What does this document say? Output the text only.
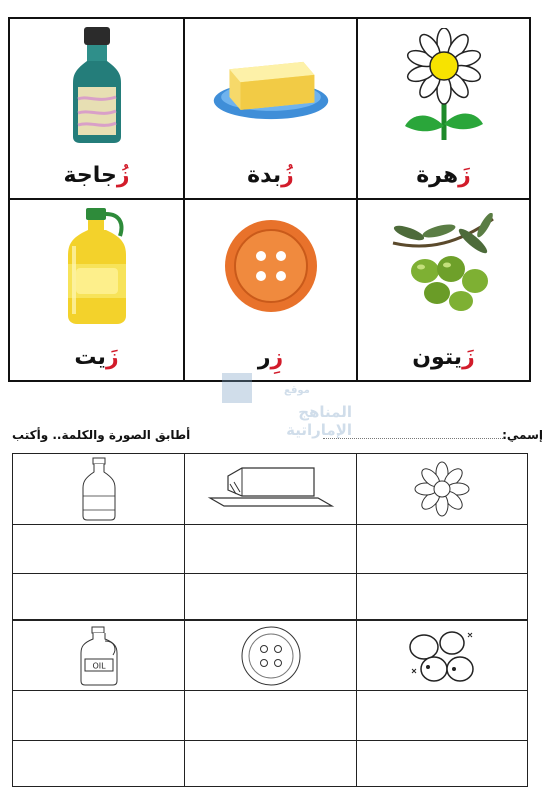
زَهرة
زُبدة
زُجاجة
زَيتون
زِر
زَيت
موقع
المناهج الإماراتية	إسمي:
أطابق الصورة والكلمة.. وأكتب
OIL
